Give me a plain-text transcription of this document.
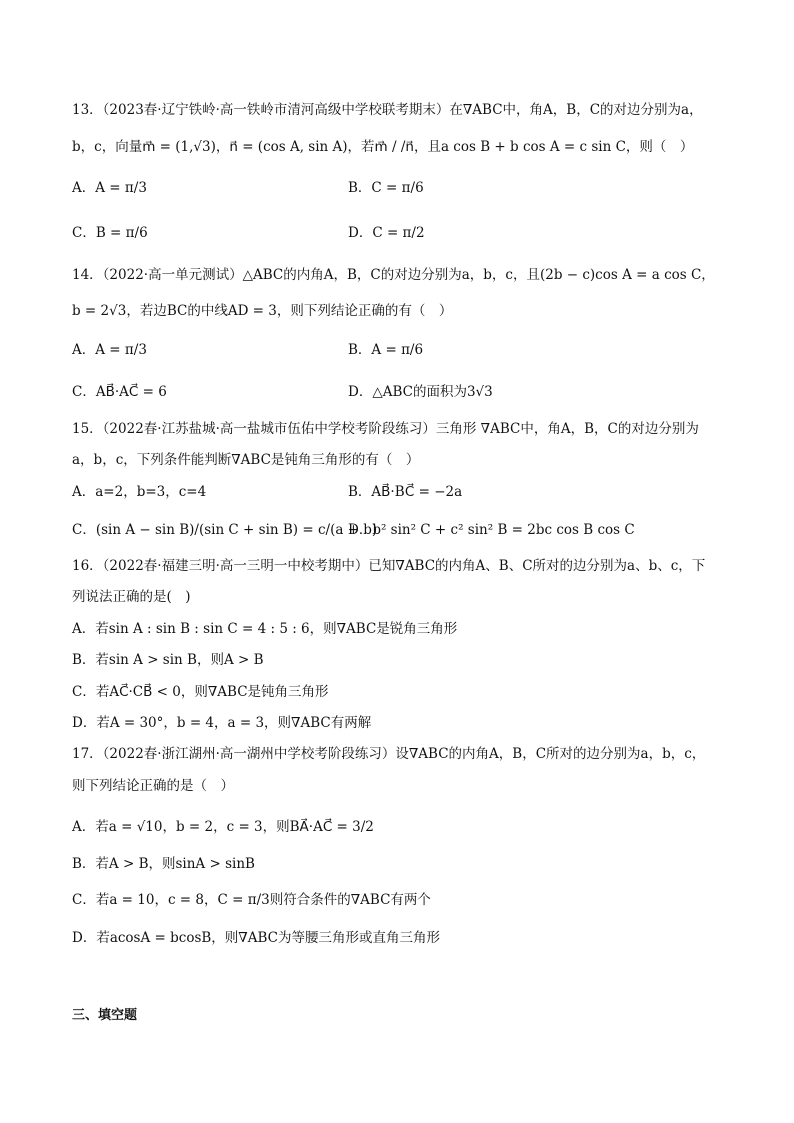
13．（2023春·辽宁铁岭·高一铁岭市清河高级中学校联考期末）在∇ABC中，角A，B，C的对边分别为a，
b，c，向量m⃗ = (1,√3)，n⃗ = (cos A, sin A)，若m⃗ / /n⃗，且a cos B + b cos A = c sin C，则（　）
A．A = π/3	B．C = π/6
C．B = π/6	D．C = π/2
14．（2022·高一单元测试）△ABC的内角A，B，C的对边分别为a，b，c，且(2b − c)cos A = a cos C，
b = 2√3，若边BC的中线AD = 3，则下列结论正确的有（　）
A．A = π/3	B．A = π/6
C．AB⃗·AC⃗ = 6	D．△ABC的面积为3√3
15．（2022春·江苏盐城·高一盐城市伍佑中学校考阶段练习）三角形 ∇ABC中，角A，B，C的对边分别为
a，b，c，下列条件能判断∇ABC是钝角三角形的有（　）
A．a=2，b=3，c=4	B．AB⃗·BC⃗ = −2a
C．(sin A − sin B)/(sin C + sin B) = c/(a + b)
D．b² sin² C + c² sin² B = 2bc cos B cos C
16．（2022春·福建三明·高一三明一中校考期中）已知∇ABC的内角A、B、C所对的边分别为a、b、c，下
列说法正确的是(　)
A．若sin A : sin B : sin C = 4 : 5 : 6，则∇ABC是锐角三角形
B．若sin A > sin B，则A > B
C．若AC⃗·CB⃗ < 0，则∇ABC是钝角三角形
D．若A = 30°，b = 4，a = 3，则∇ABC有两解
17．（2022春·浙江湖州·高一湖州中学校考阶段练习）设∇ABC的内角A，B，C所对的边分别为a，b，c，
则下列结论正确的是（　）
A．若a = √10，b = 2，c = 3，则BA⃗·AC⃗ = 3/2
B．若A > B，则sinA > sinB
C．若a = 10，c = 8，C = π/3则符合条件的∇ABC有两个
D．若acosA = bcosB，则∇ABC为等腰三角形或直角三角形
三、填空题
